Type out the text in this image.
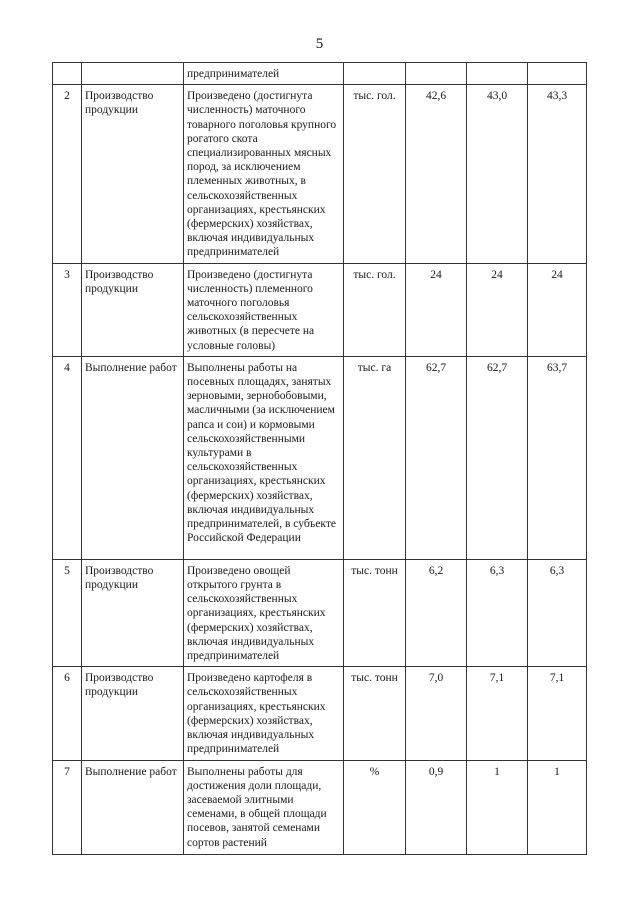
5
		предпринимателей				
2	Производство продукции	Произведено (достигнута численность) маточного товарного поголовья крупного рогатого скота специализированных мясных пород, за исключением племенных животных, в сельскохозяйственных организациях, крестьянских (фермерских) хозяйствах, включая индивидуальных предпринимателей	тыс. гол.	42,6	43,0	43,3
3	Производство продукции	Произведено (достигнута численность) племенного маточного поголовья сельскохозяйственных животных (в пересчете на условные головы)	тыс. гол.	24	24	24
4	Выполнение работ	Выполнены работы на посевных площадях, занятых зерновыми, зернобобовыми, масличными (за исключением рапса и сои) и кормовыми сельскохозяйственными культурами в сельскохозяйственных организациях, крестьянских (фермерских) хозяйствах, включая индивидуальных предпринимателей, в субъекте Российской Федерации	тыс. га	62,7	62,7	63,7
5	Производство продукции	Произведено овощей открытого грунта в сельскохозяйственных организациях, крестьянских (фермерских) хозяйствах, включая индивидуальных предпринимателей	тыс. тонн	6,2	6,3	6,3
6	Производство продукции	Произведено картофеля в сельскохозяйственных организациях, крестьянских (фермерских) хозяйствах, включая индивидуальных предпринимателей	тыс. тонн	7,0	7,1	7,1
7	Выполнение работ	Выполнены работы для достижения доли площади, засеваемой элитными семенами, в общей площади посевов, занятой семенами сортов растений	%	0,9	1	1
